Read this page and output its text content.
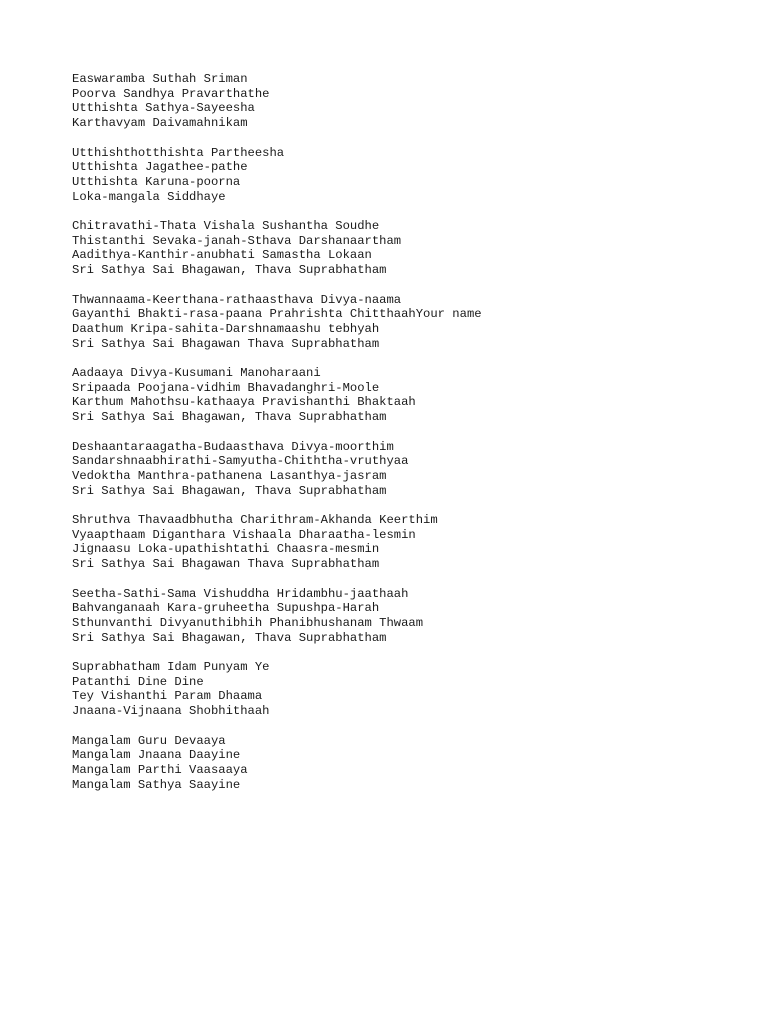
Easwaramba Suthah Sriman
Poorva Sandhya Pravarthathe
Utthishta Sathya-Sayeesha
Karthavyam Daivamahnikam
Utthishthotthishta Partheesha
Utthishta Jagathee-pathe
Utthishta Karuna-poorna
Loka-mangala Siddhaye
Chitravathi-Thata Vishala Sushantha Soudhe
Thistanthi Sevaka-janah-Sthava Darshanaartham
Aadithya-Kanthir-anubhati Samastha Lokaan
Sri Sathya Sai Bhagawan, Thava Suprabhatham
Thwannaama-Keerthana-rathaasthava Divya-naama
Gayanthi Bhakti-rasa-paana Prahrishta ChitthaahYour name
Daathum Kripa-sahita-Darshnamaashu tebhyah
Sri Sathya Sai Bhagawan Thava Suprabhatham
Aadaaya Divya-Kusumani Manoharaani
Sripaada Poojana-vidhim Bhavadanghri-Moole
Karthum Mahothsu-kathaaya Pravishanthi Bhaktaah
Sri Sathya Sai Bhagawan, Thava Suprabhatham
Deshaantaraagatha-Budaasthava Divya-moorthim
Sandarshnaabhirathi-Samyutha-Chiththa-vruthyaa
Vedoktha Manthra-pathanena Lasanthya-jasram
Sri Sathya Sai Bhagawan, Thava Suprabhatham
Shruthva Thavaadbhutha Charithram-Akhanda Keerthim
Vyaapthaam Diganthara Vishaala Dharaatha-lesmin
Jignaasu Loka-upathishtathi Chaasra-mesmin
Sri Sathya Sai Bhagawan Thava Suprabhatham
Seetha-Sathi-Sama Vishuddha Hridambhu-jaathaah
Bahvanganaah Kara-gruheetha Supushpa-Harah
Sthunvanthi Divyanuthibhih Phanibhushanam Thwaam
Sri Sathya Sai Bhagawan, Thava Suprabhatham
Suprabhatham Idam Punyam Ye
Patanthi Dine Dine
Tey Vishanthi Param Dhaama
Jnaana-Vijnaana Shobhithaah
Mangalam Guru Devaaya
Mangalam Jnaana Daayine
Mangalam Parthi Vaasaaya
Mangalam Sathya Saayine
